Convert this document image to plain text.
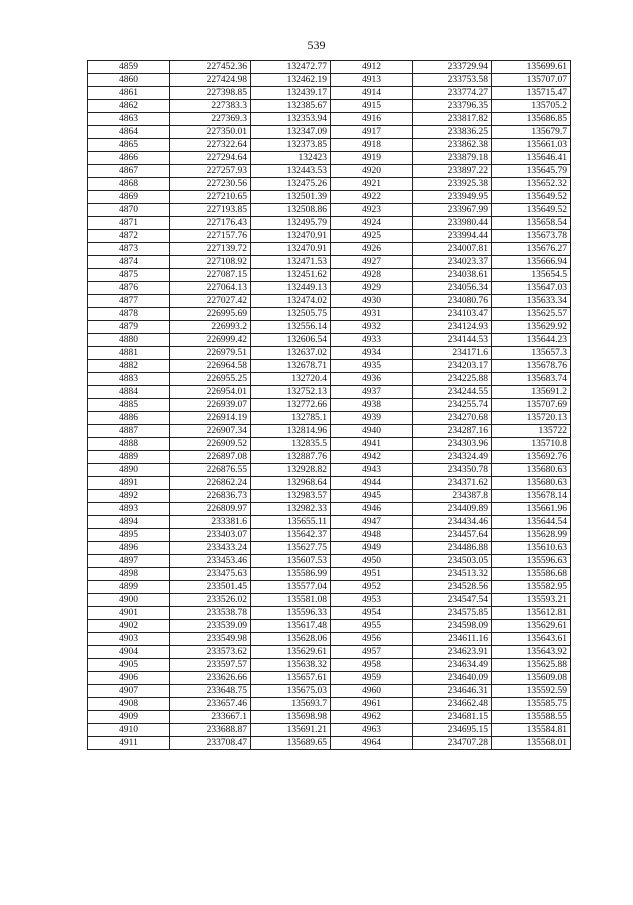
539
4859	227452.36	132472.77	4912	233729.94	135699.61
4860	227424.98	132462.19	4913	233753.58	135707.07
4861	227398.85	132439.17	4914	233774.27	135715.47
4862	227383.3	132385.67	4915	233796.35	135705.2
4863	227369.3	132353.94	4916	233817.82	135686.85
4864	227350.01	132347.09	4917	233836.25	135679.7
4865	227322.64	132373.85	4918	233862.38	135661.03
4866	227294.64	132423	4919	233879.18	135646.41
4867	227257.93	132443.53	4920	233897.22	135645.79
4868	227230.56	132475.26	4921	233925.38	135652.32
4869	227210.65	132501.39	4922	233949.95	135649.52
4870	227193.85	132508.86	4923	233967.99	135649.52
4871	227176.43	132495.79	4924	233980.44	135658.54
4872	227157.76	132470.91	4925	233994.44	135673.78
4873	227139.72	132470.91	4926	234007.81	135676.27
4874	227108.92	132471.53	4927	234023.37	135666.94
4875	227087.15	132451.62	4928	234038.61	135654.5
4876	227064.13	132449.13	4929	234056.34	135647.03
4877	227027.42	132474.02	4930	234080.76	135633.34
4878	226995.69	132505.75	4931	234103.47	135625.57
4879	226993.2	132556.14	4932	234124.93	135629.92
4880	226999.42	132606.54	4933	234144.53	135644.23
4881	226979.51	132637.02	4934	234171.6	135657.3
4882	226964.58	132678.71	4935	234203.17	135678.76
4883	226955.25	132720.4	4936	234225.88	135683.74
4884	226954.01	132752.13	4937	234244.55	135691.2
4885	226939.07	132772.66	4938	234255.74	135707.69
4886	226914.19	132785.1	4939	234270.68	135720.13
4887	226907.34	132814.96	4940	234287.16	135722
4888	226909.52	132835.5	4941	234303.96	135710.8
4889	226897.08	132887.76	4942	234324.49	135692.76
4890	226876.55	132928.82	4943	234350.78	135680.63
4891	226862.24	132968.64	4944	234371.62	135680.63
4892	226836.73	132983.57	4945	234387.8	135678.14
4893	226809.97	132982.33	4946	234409.89	135661.96
4894	233381.6	135655.11	4947	234434.46	135644.54
4895	233403.07	135642.37	4948	234457.64	135628.99
4896	233433.24	135627.75	4949	234486.88	135610.63
4897	233453.46	135607.53	4950	234503.05	135596.63
4898	233475.63	135586.99	4951	234513.32	135586.68
4899	233501.45	135577.04	4952	234528.56	135582.95
4900	233526.02	135581.08	4953	234547.54	135593.21
4901	233538.78	135596.33	4954	234575.85	135612.81
4902	233539.09	135617.48	4955	234598.09	135629.61
4903	233549.98	135628.06	4956	234611.16	135643.61
4904	233573.62	135629.61	4957	234623.91	135643.92
4905	233597.57	135638.32	4958	234634.49	135625.88
4906	233626.66	135657.61	4959	234640.09	135609.08
4907	233648.75	135675.03	4960	234646.31	135592.59
4908	233657.46	135693.7	4961	234662.48	135585.75
4909	233667.1	135698.98	4962	234681.15	135588.55
4910	233688.87	135691.21	4963	234695.15	135584.81
4911	233708.47	135689.65	4964	234707.28	135568.01
